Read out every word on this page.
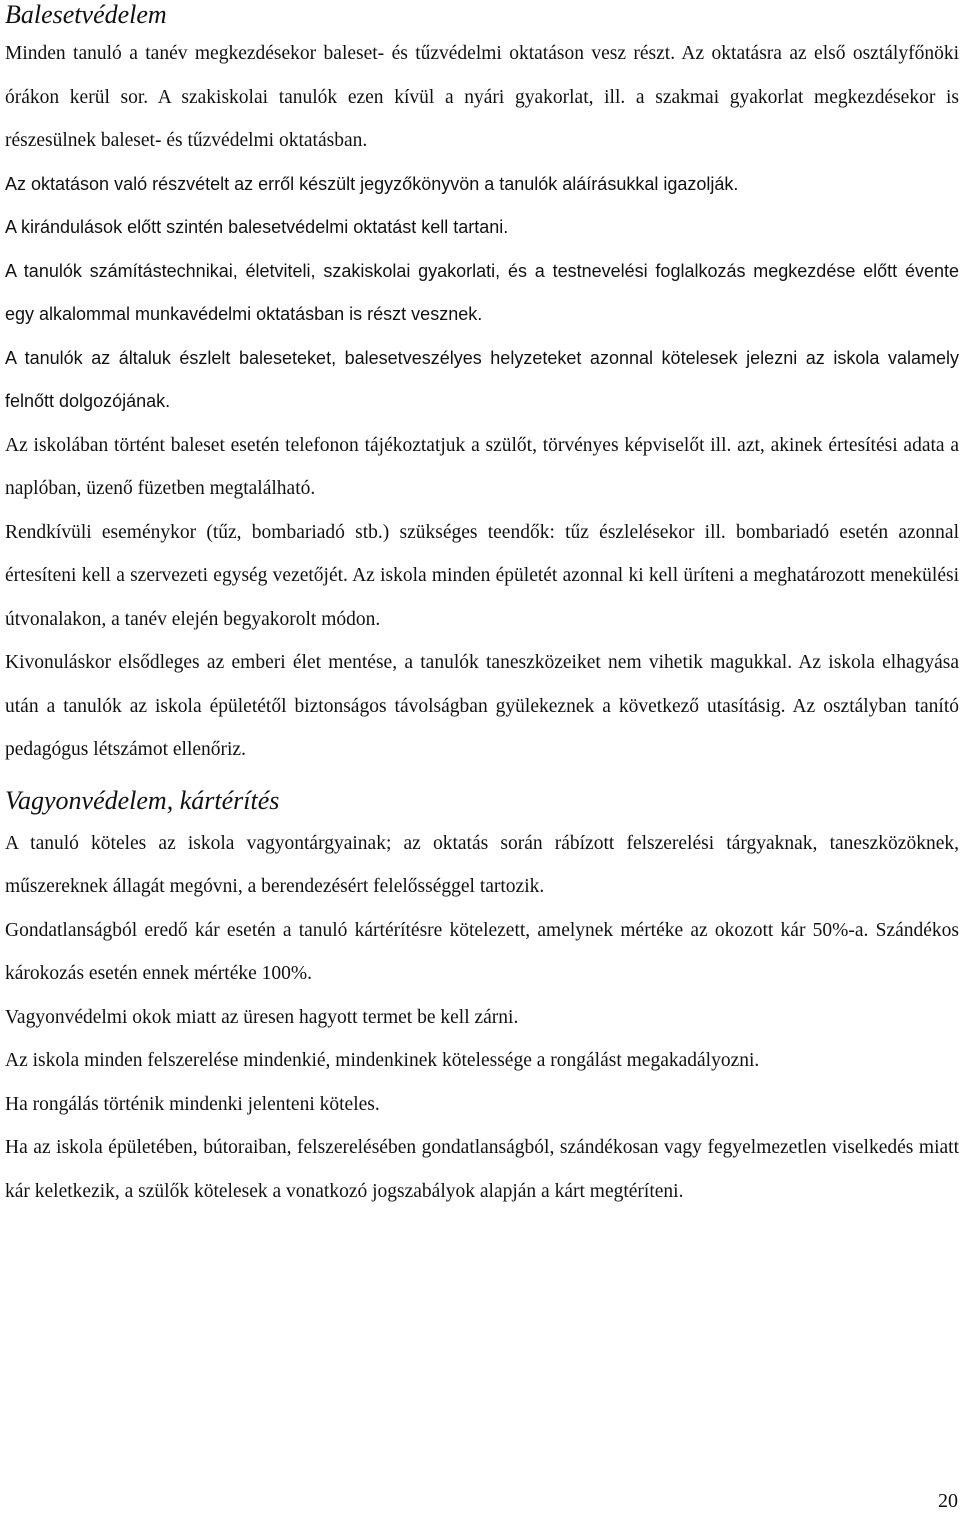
Balesetvédelem

Minden tanuló a tanév megkezdésekor baleset- és tűzvédelmi oktatáson vesz részt. Az oktatásra az első osztályfőnöki órákon kerül sor. A szakiskolai tanulók ezen kívül a nyári gyakorlat, ill. a szakmai gyakorlat megkezdésekor is részesülnek baleset- és tűzvédelmi oktatásban.

Az oktatáson való részvételt az erről készült jegyzőkönyvön a tanulók aláírásukkal igazolják.

A kirándulások előtt szintén balesetvédelmi oktatást kell tartani.

A tanulók számítástechnikai, életviteli, szakiskolai gyakorlati, és a testnevelési foglalkozás megkezdése előtt évente egy alkalommal munkavédelmi oktatásban is részt vesznek.

A tanulók az általuk észlelt baleseteket, balesetveszélyes helyzeteket azonnal kötelesek jelezni az iskola valamely felnőtt dolgozójának.

Az iskolában történt baleset esetén telefonon tájékoztatjuk a szülőt, törvényes képviselőt ill. azt, akinek értesítési adata a naplóban, üzenő füzetben megtalálható.

Rendkívüli eseménykor (tűz, bombariadó stb.) szükséges teendők: tűz észlelésekor ill. bombariadó esetén azonnal értesíteni kell a szervezeti egység vezetőjét. Az iskola minden épületét azonnal ki kell üríteni a meghatározott menekülési útvonalakon, a tanév elején begyakorolt módon.

Kivonuláskor elsődleges az emberi élet mentése, a tanulók taneszközeiket nem vihetik magukkal. Az iskola elhagyása után a tanulók az iskola épületétől biztonságos távolságban gyülekeznek a következő utasításig. Az osztályban tanító pedagógus létszámot ellenőriz.

Vagyonvédelem, kártérítés

A tanuló köteles az iskola vagyontárgyainak; az oktatás során rábízott felszerelési tárgyaknak, taneszközöknek, műszereknek állagát megóvni, a berendezésért felelősséggel tartozik.

Gondatlanságból eredő kár esetén a tanuló kártérítésre kötelezett, amelynek mértéke az okozott kár 50%-a. Szándékos károkozás esetén ennek mértéke 100%.

Vagyonvédelmi okok miatt az üresen hagyott termet be kell zárni.

Az iskola minden felszerelése mindenkié, mindenkinek kötelessége a rongálást megakadályozni.

Ha rongálás történik mindenki jelenteni köteles.

Ha az iskola épületében, bútoraiban, felszerelésében gondatlanságból, szándékosan vagy fegyelmezetlen viselkedés miatt kár keletkezik, a szülők kötelesek a vonatkozó jogszabályok alapján a kárt megtéríteni.

20
